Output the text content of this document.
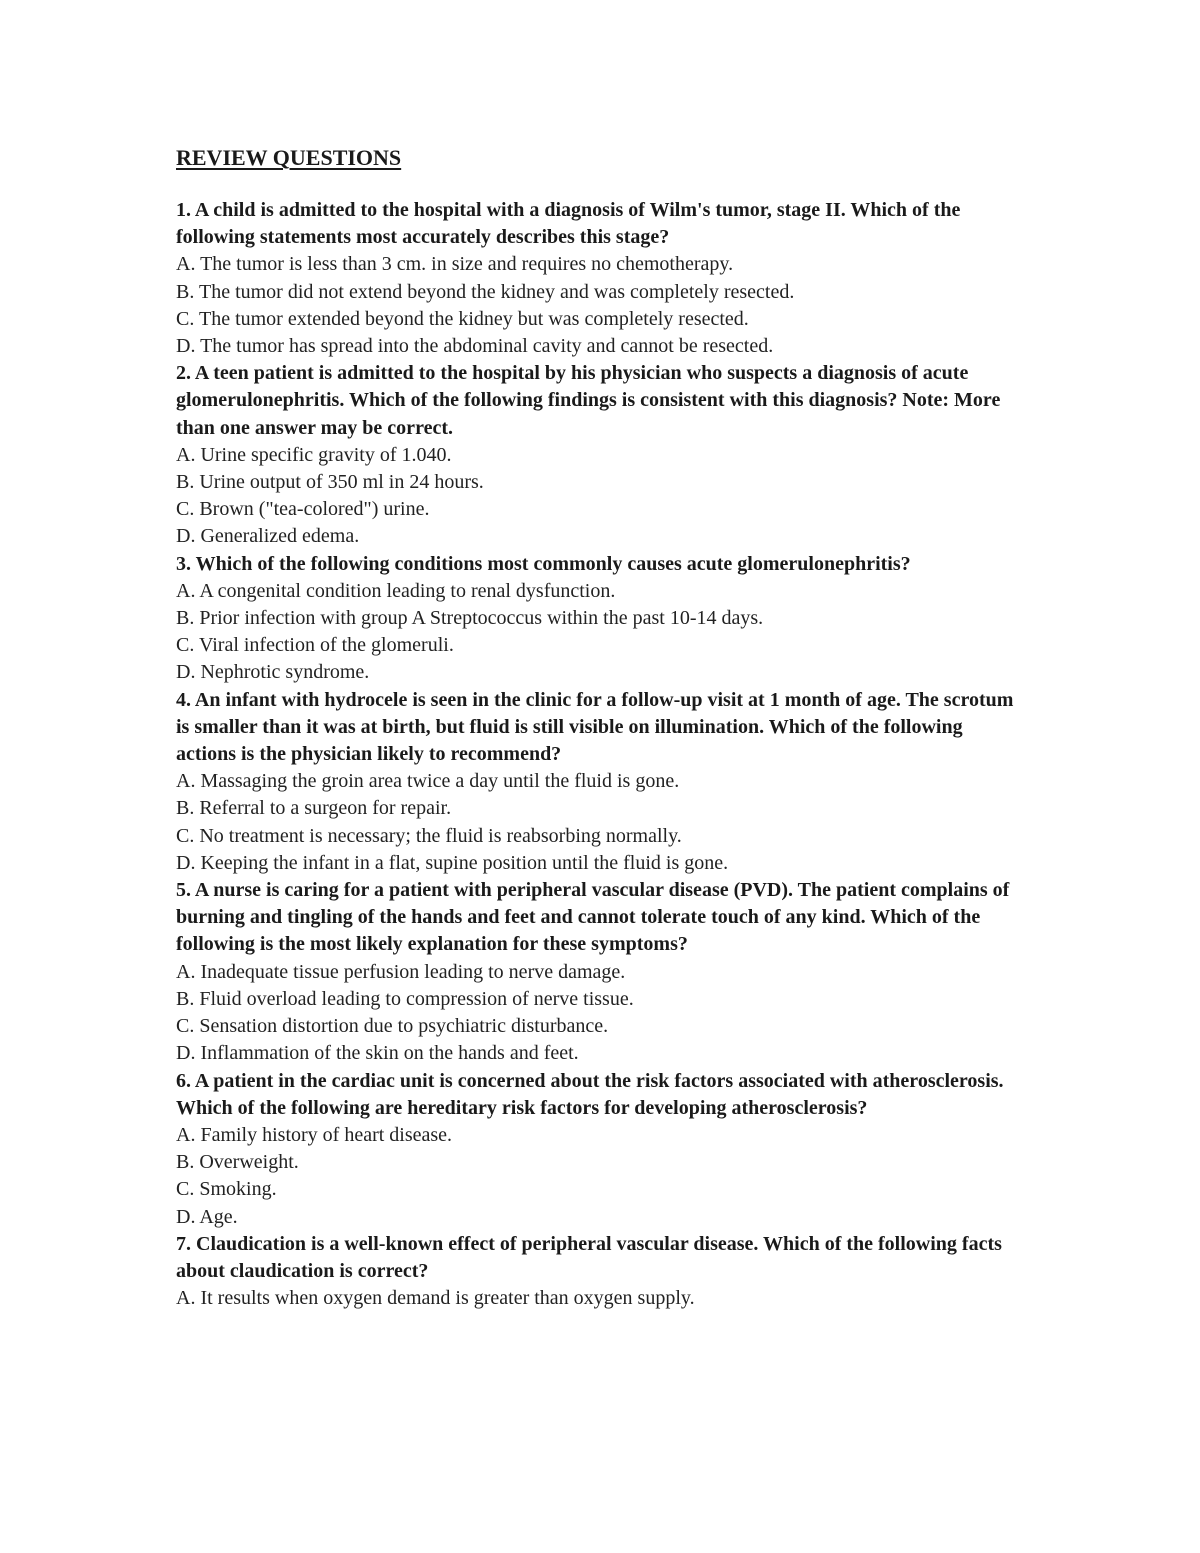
REVIEW QUESTIONS

1. A child is admitted to the hospital with a diagnosis of Wilm's tumor, stage II. Which of the following statements most accurately describes this stage?

A. The tumor is less than 3 cm. in size and requires no chemotherapy.

B. The tumor did not extend beyond the kidney and was completely resected.

C. The tumor extended beyond the kidney but was completely resected.

D. The tumor has spread into the abdominal cavity and cannot be resected.

2. A teen patient is admitted to the hospital by his physician who suspects a diagnosis of acute glomerulonephritis. Which of the following findings is consistent with this diagnosis? Note: More than one answer may be correct.

A. Urine specific gravity of 1.040.

B. Urine output of 350 ml in 24 hours.

C. Brown ("tea-colored") urine.

D. Generalized edema.

3. Which of the following conditions most commonly causes acute glomerulonephritis?

A. A congenital condition leading to renal dysfunction.

B. Prior infection with group A Streptococcus within the past 10-14 days.

C. Viral infection of the glomeruli.

D. Nephrotic syndrome.

4. An infant with hydrocele is seen in the clinic for a follow-up visit at 1 month of age. The scrotum is smaller than it was at birth, but fluid is still visible on illumination. Which of the following actions is the physician likely to recommend?

A. Massaging the groin area twice a day until the fluid is gone.

B. Referral to a surgeon for repair.

C. No treatment is necessary; the fluid is reabsorbing normally.

D. Keeping the infant in a flat, supine position until the fluid is gone.

5. A nurse is caring for a patient with peripheral vascular disease (PVD). The patient complains of burning and tingling of the hands and feet and cannot tolerate touch of any kind. Which of the following is the most likely explanation for these symptoms?

A. Inadequate tissue perfusion leading to nerve damage.

B. Fluid overload leading to compression of nerve tissue.

C. Sensation distortion due to psychiatric disturbance.

D. Inflammation of the skin on the hands and feet.

6. A patient in the cardiac unit is concerned about the risk factors associated with atherosclerosis. Which of the following are hereditary risk factors for developing atherosclerosis?

A. Family history of heart disease.

B. Overweight.

C. Smoking.

D. Age.

7. Claudication is a well-known effect of peripheral vascular disease. Which of the following facts about claudication is correct?

A. It results when oxygen demand is greater than oxygen supply.
